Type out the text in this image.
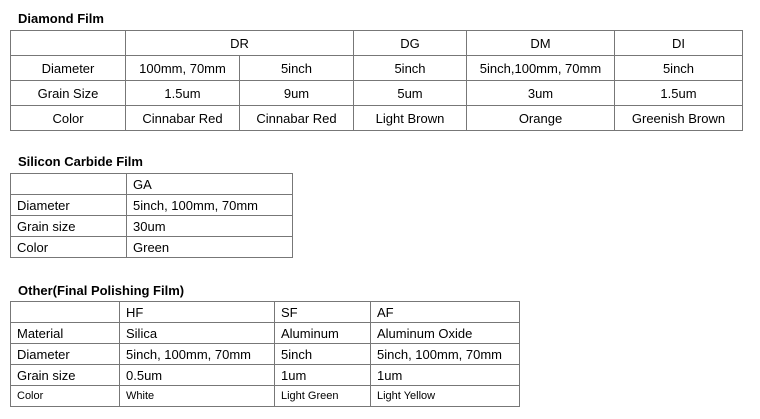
Diamond Film
	DR		DG	DM	DI
Diameter	100mm, 70mm	5inch	5inch	5inch,100mm, 70mm	5inch
Grain Size	1.5um	9um	5um	3um	1.5um
Color	Cinnabar Red	Cinnabar Red	Light Brown	Orange	Greenish Brown
Silicon Carbide Film
	GA
Diameter	5inch, 100mm, 70mm
Grain size	30um
Color	Green
Other(Final Polishing Film)
	HF	SF	AF
Material	Silica	Aluminum	Aluminum Oxide
Diameter	5inch, 100mm, 70mm	5inch	5inch, 100mm, 70mm
Grain size	0.5um	1um	1um
Color	White	Light Green	Light Yellow
